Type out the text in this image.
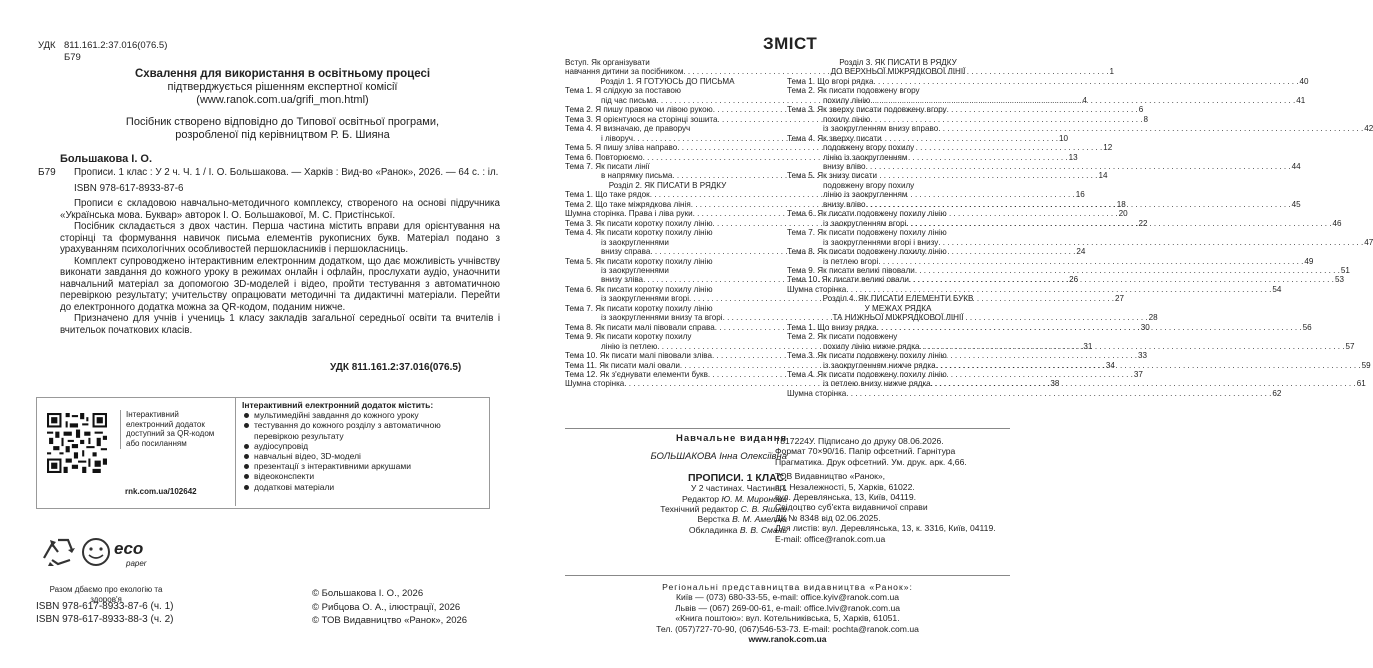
УДК 811.161.2:37.016(076.5)
Б79
Схвалення для використання в освітньому процесі
підтверджується рішенням експертної комісії
(www.ranok.com.ua/grifi_mon.html)
Посібник створено відповідно до Типової освітньої програми,
розробленої під керівництвом Р. Б. Шияна
Большакова І. О.
Б79	Прописи. 1 клас : У 2 ч. Ч. 1 / І. О. Большакова. — Харків : Вид-во «Ранок», 2026. — 64 с. : іл.

ISBN 978-617-8933-87-6

Прописи є складовою навчально-методичного комплексу, створеного на основі підручника «Українська мова. Буквар» авторок І. О. Большакової, М. С. Пристінської.

Посібник складається з двох частин. Перша частина містить вправи для орієнтування на сторінці та формування навичок письма елементів рукописних букв. Матеріал подано з урахуванням психологічних особливостей першокласників і першокласниць.

Комплект супроводжено інтерактивним електронним додатком, що дає можливість учнівству виконати завдання до кожного уроку в режимах онлайн і офлайн, прослухати аудіо, унаочнити навчальний матеріал за допомогою 3D-моделей і відео, пройти тестування з автоматичною перевіркою результату; учительству опрацювати методичні та дидактичні матеріали. Перейти до електронного додатка можна за QR-кодом, поданим нижче.

Призначено для учнів і учениць 1 класу закладів загальної середньої освіти та вчителів і вчительок початкових класів.

УДК 811.161.2:37.016(076.5)
Інтерактивний електронний додаток доступний за QR-кодом або посиланням
rnk.com.ua/102642
Інтерактивний електронний додаток містить:
мультимедійні завдання до кожного уроку
тестування до кожного розділу з автоматичною перевіркою результату
аудіосупровід
навчальні відео, 3D-моделі
презентації з інтерактивними аркушами
відеоконспекти
додаткові матеріали
eco
paper
Разом дбаємо про екологію та здоров'я
ISBN 978-617-8933-87-6 (ч. 1)
ISBN 978-617-8933-88-3 (ч. 2)
© Большакова І. О., 2026
© Рибцова О. А., ілюстрації, 2026
© ТОВ Видавництво «Ранок», 2026
ЗМІСТ
Вступ. Як організувати
навчання дитини за посібником . . .	1
Розділ 1. Я ГОТУЮСЬ ДО ПИСЬМА
Тема 1. Я слідкую за поставою
під час письма . . .	4
Тема 2. Я пишу правою чи лівою рукою . . .	6
Тема 3. Я орієнтуюся на сторінці зошита . . .	8
Тема 4. Я визначаю, де праворуч
і ліворуч . . .	10
Тема 5. Я пишу зліва направо . . .	12
Тема 6. Повторюємо . . .	13
Тема 7. Як писати лінії
в напрямку письма . . .	14
Розділ 2. ЯК ПИСАТИ В РЯДКУ
Тема 1. Що таке рядок . . .	16
Тема 2. Що таке міжрядкова лінія . . .	18
Шумна сторінка. Права і ліва руки . . .	20
Тема 3. Як писати коротку похилу лінію . . .	22
Тема 4. Як писати коротку похилу лінію
із заокругленнями
внизу справа . . .	24
Тема 5. Як писати коротку похилу лінію
із заокругленнями
внизу зліва . . .	26
Тема 6. Як писати коротку похилу лінію
із заокругленнями вгорі . . .	27
Тема 7. Як писати коротку похилу лінію
із заокругленнями внизу та вгорі . . .	28
Тема 8. Як писати малі півовали справа . . .	30
Тема 9. Як писати коротку похилу
лінію із петлею . . .	31
Тема 10. Як писати малі півовали зліва . . .	33
Тема 11. Як писати малі овали . . .	34
Тема 12. Як з'єднувати елементи букв . . .	37
Шумна сторінка . . .	38
Розділ 3. ЯК ПИСАТИ В РЯДКУ
ДО ВЕРХНЬОЇ МІЖРЯДКОВОЇ ЛІНІЇ
Тема 1. Що вгорі рядка . . .	40
Тема 2. Як писати подовжену вгору
похилу лінію . . .	41
Тема 3. Як зверху писати подовжену вгору
похилу лінію
із заокругленням внизу вправо . . .	42
Тема 4. Як зверху писати
подовжену вгору похилу
лінію із заокругленням
внизу вліво . . .	44
Тема 5. Як знизу писати
подовжену вгору похилу
лінію із заокругленням
внизу вліво . . .	45
Тема 6. Як писати подовжену похилу лінію
із заокругленням вгорі . . .	46
Тема 7. Як писати подовжену похилу лінію
із заокругленнями вгорі і внизу . . .	47
Тема 8. Як писати подовжену похилу лінію
із петлею вгорі . . .	49
Тема 9. Як писати великі півовали . . .	51
Тема 10. Як писати великі овали . . .	53
Шумна сторінка . . .	54
Розділ 4. ЯК ПИСАТИ ЕЛЕМЕНТИ БУКВ
У МЕЖАХ РЯДКА
ТА НИЖНЬОЇ МІЖРЯДКОВОЇ ЛІНІЇ
Тема 1. Що внизу рядка . . .	56
Тема 2. Як писати подовжену
похилу лінію нижче рядка . . .	57
Тема 3. Як писати подовжену похилу лінію
із заокругленням нижче рядка . . .	59
Тема 4. Як писати подовжену похилу лінію
із петлею внизу нижче рядка . . .	61
Шумна сторінка . . .	62
Навчальне видання
БОЛЬШАКОВА Інна Олексіївна
ПРОПИСИ. 1 КЛАС.
У 2 частинах. Частина 1
Редактор Ю. М. Миронова
Технічний редактор С. В. Яшиш
Верстка В. М. Амеліна
Обкладинка В. В. Смаль
Т817224У. Підписано до друку 08.06.2026.
Формат 70×90/16. Папір офсетний. Гарнітура
Прагматика. Друк офсетний. Ум. друк. арк. 4,66.
ТОВ Видавництво «Ранок»,
пр. Незалежності, 5, Харків, 61022.
вул. Деревлянська, 13, Київ, 04119.
Свідоцтво суб'єкта видавничої справи
ДК № 8348 від 02.06.2025.
Для листів: вул. Деревлянська, 13, к. 3316, Київ, 04119.
E-mail: office@ranok.com.ua
Регіональні представництва видавництва «Ранок»:
Київ — (073) 680-33-55, e-mail: office.kyiv@ranok.com.ua
Львів — (067) 269-00-61, e-mail: office.lviv@ranok.com.ua
«Книга поштою»: вул. Котельниківська, 5, Харків, 61051.
Тел. (057)727-70-90, (067)546-53-73. E-mail: pochta@ranok.com.ua
www.ranok.com.ua
